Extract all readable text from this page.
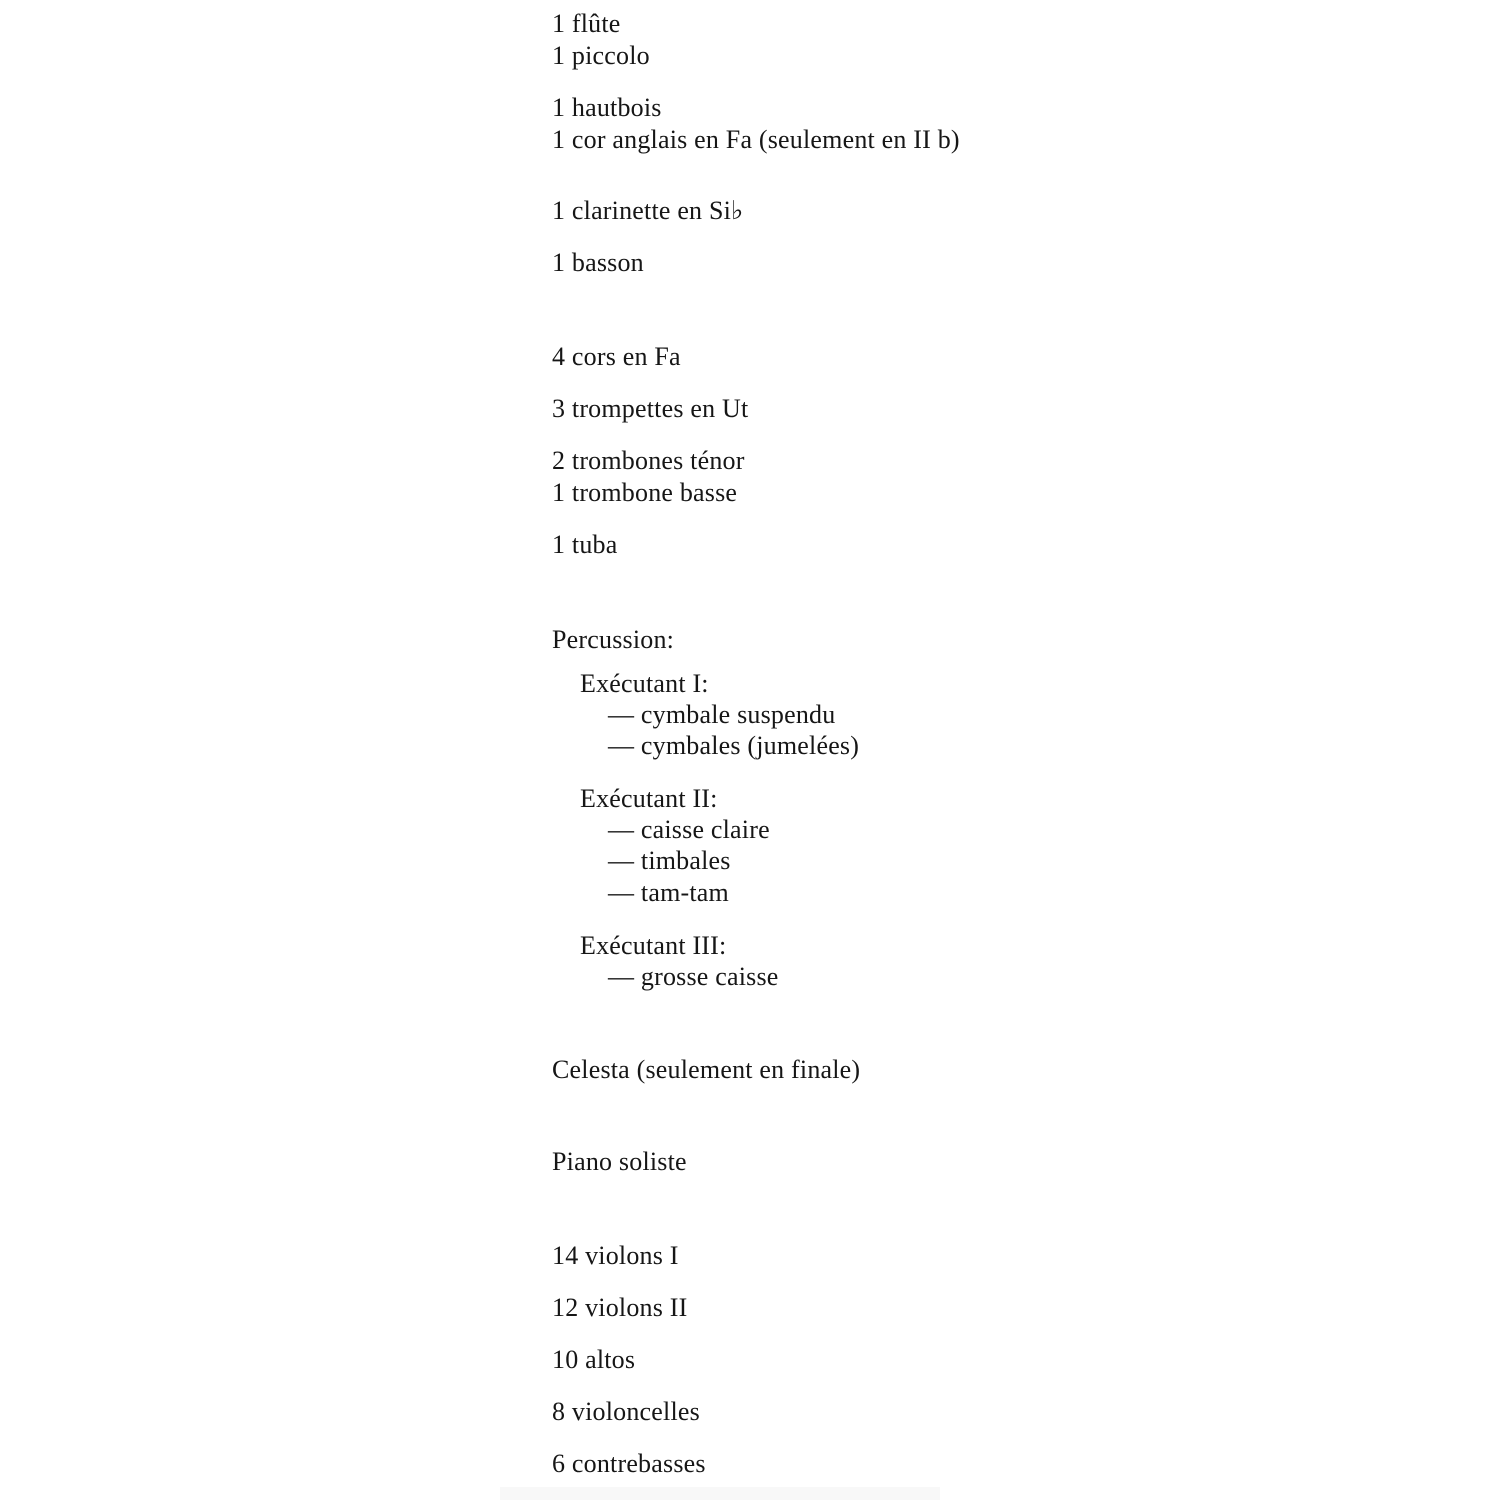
1 flûte
1 piccolo
1 hautbois
1 cor anglais en Fa (seulement en II b)
1 clarinette en Si♭
1 basson
4 cors en Fa
3 trompettes en Ut
2 trombones ténor
1 trombone basse
1 tuba
Percussion:
Exécutant I:
— cymbale suspendu
— cymbales (jumelées)
Exécutant II:
— caisse claire
— timbales
— tam-tam
Exécutant III:
— grosse caisse
Celesta (seulement en finale)
Piano soliste
14 violons I
12 violons II
10 altos
8 violoncelles
6 contrebasses
